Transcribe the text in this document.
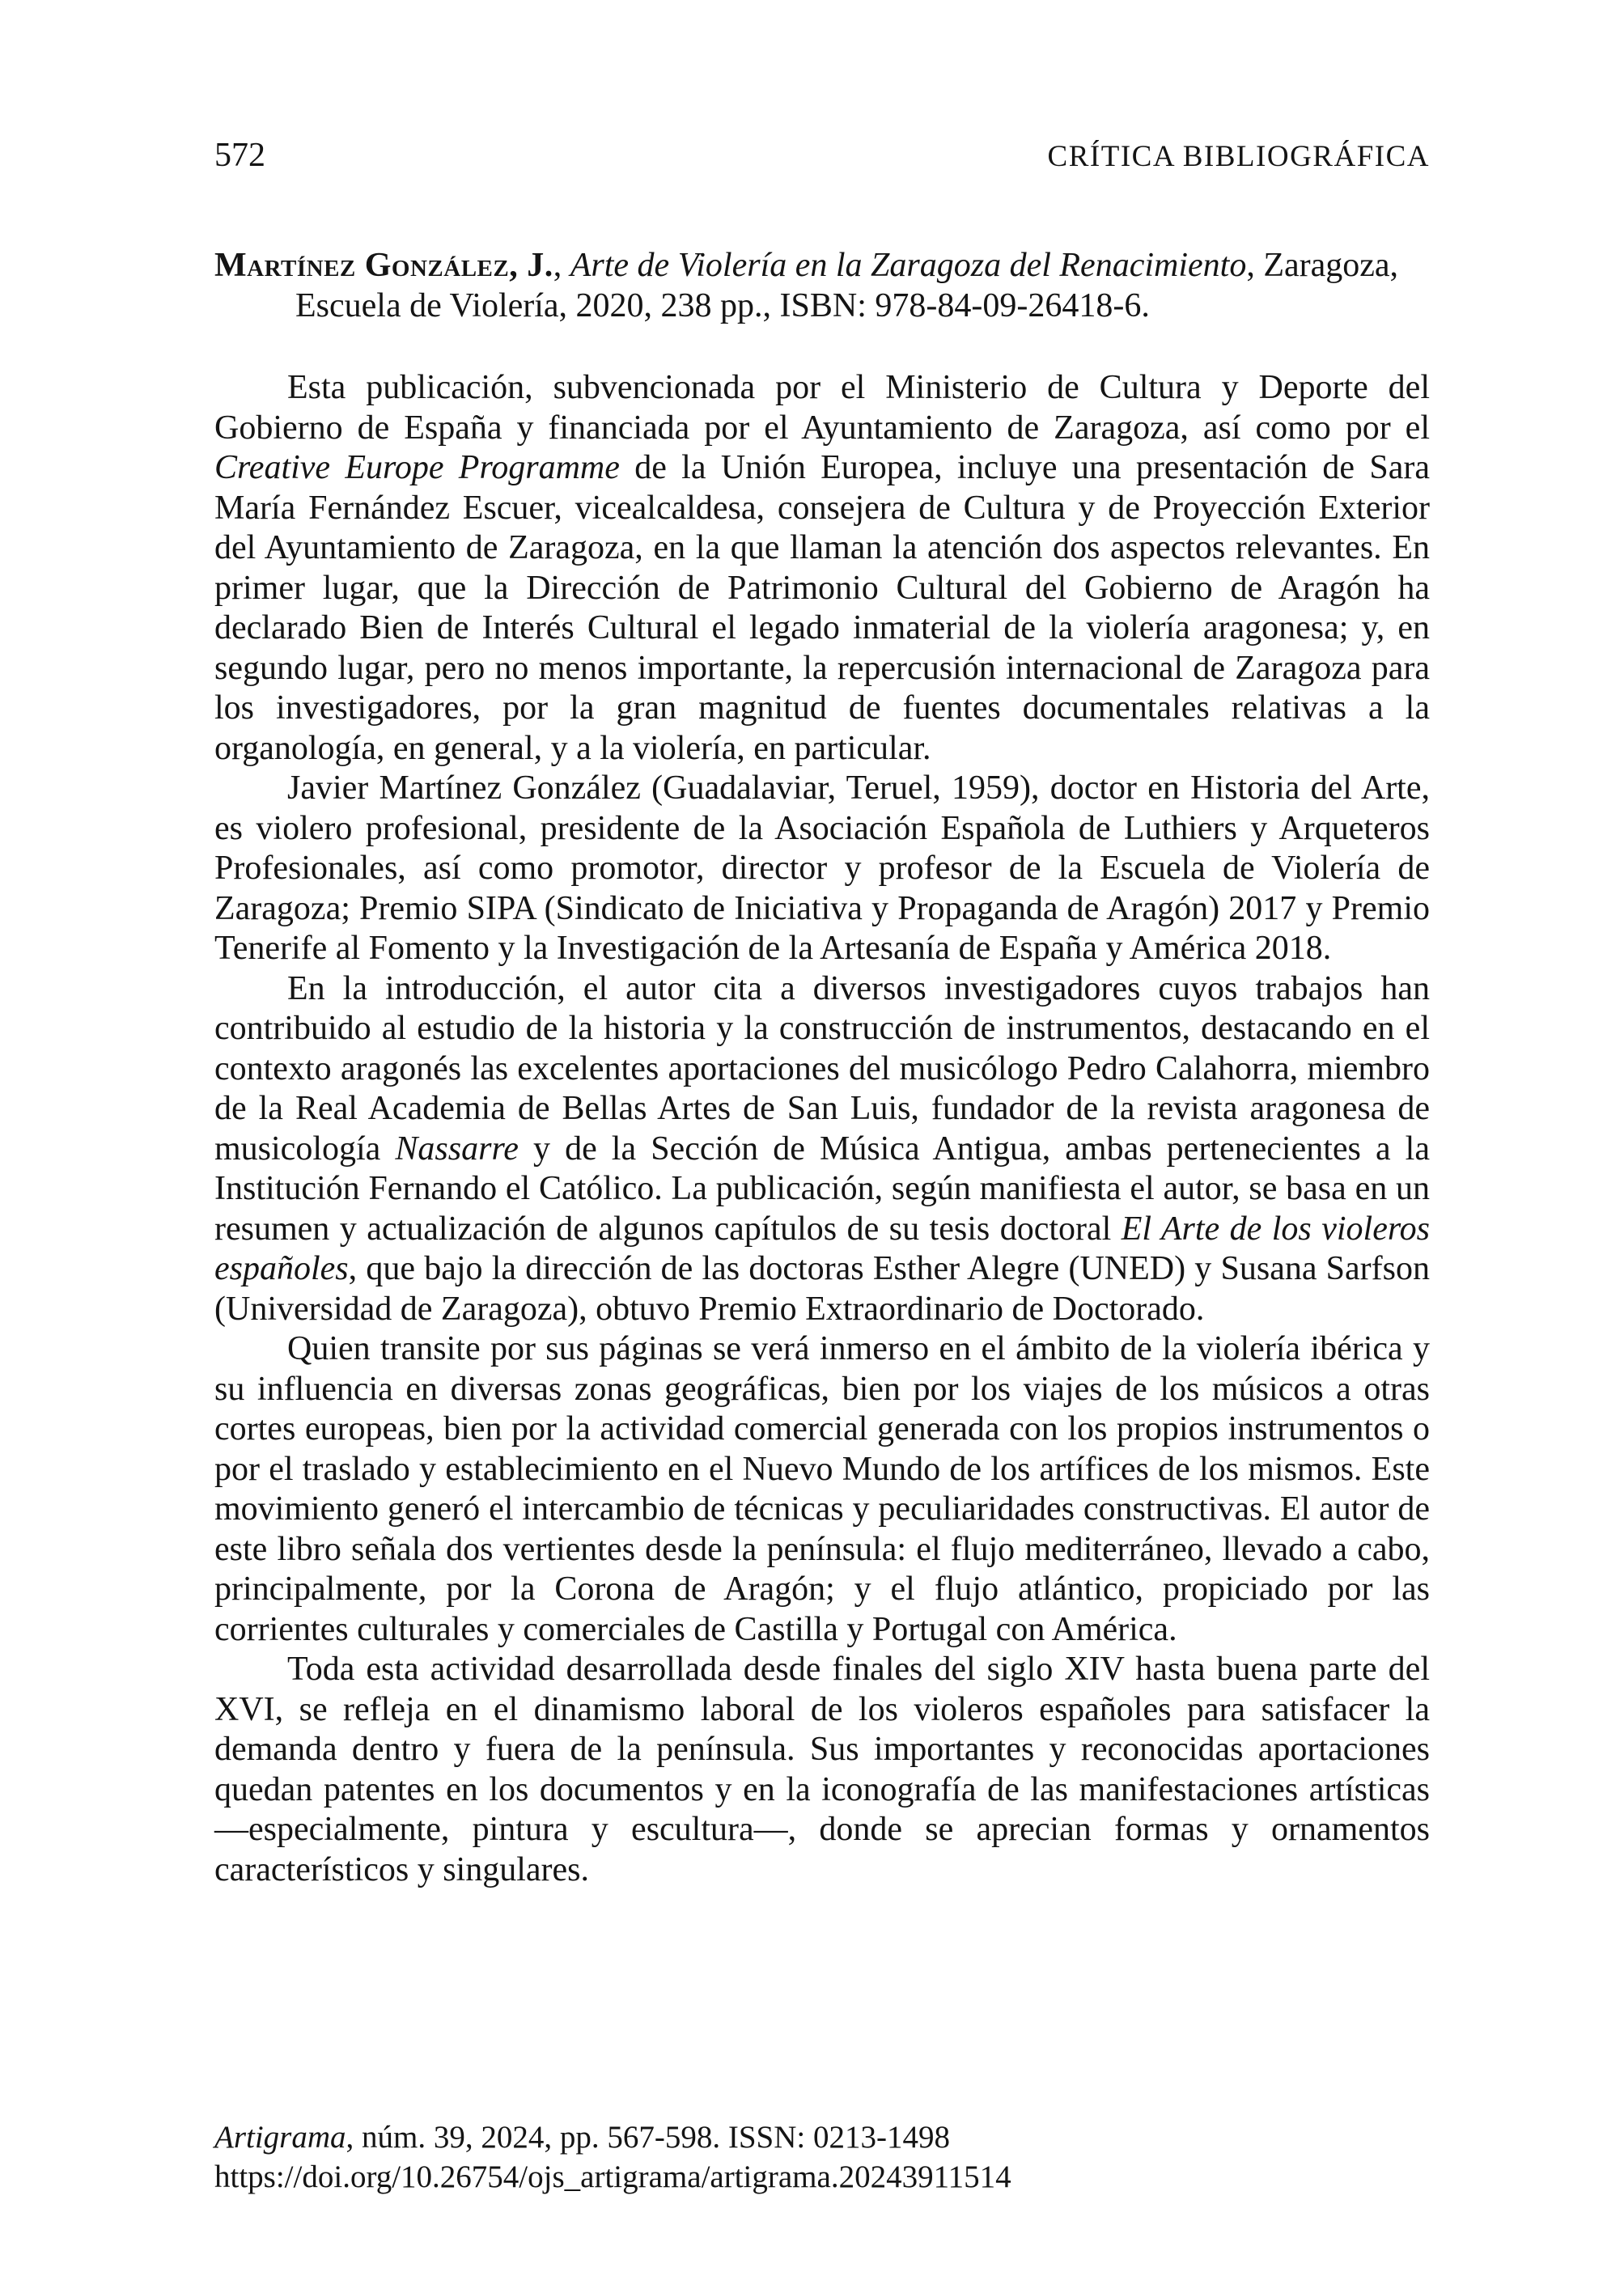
572	CRÍTICA BIBLIOGRÁFICA
Martínez González, J., Arte de Violería en la Zaragoza del Renacimiento, Zaragoza, Escuela de Violería, 2020, 238 pp., ISBN: 978-84-09-26418-6.

Esta publicación, subvencionada por el Ministerio de Cultura y Deporte del Gobierno de España y financiada por el Ayuntamiento de Zaragoza, así como por el Creative Europe Programme de la Unión Europea, incluye una presentación de Sara María Fernández Escuer, vicealcaldesa, consejera de Cultura y de Proyección Exterior del Ayuntamiento de Zaragoza, en la que llaman la atención dos aspectos relevantes. En primer lugar, que la Dirección de Patrimonio Cultural del Gobierno de Aragón ha declarado Bien de Interés Cultural el legado inmaterial de la violería aragonesa; y, en segundo lugar, pero no menos importante, la repercusión internacional de Zaragoza para los investigadores, por la gran magnitud de fuentes documentales relativas a la organología, en general, y a la violería, en particular.

Javier Martínez González (Guadalaviar, Teruel, 1959), doctor en Historia del Arte, es violero profesional, presidente de la Asociación Española de Luthiers y Arqueteros Profesionales, así como promotor, director y profesor de la Escuela de Violería de Zaragoza; Premio SIPA (Sindicato de Iniciativa y Propaganda de Aragón) 2017 y Premio Tenerife al Fomento y la Investigación de la Artesanía de España y América 2018.

En la introducción, el autor cita a diversos investigadores cuyos trabajos han contribuido al estudio de la historia y la construcción de instrumentos, destacando en el contexto aragonés las excelentes aportaciones del musicólogo Pedro Calahorra, miembro de la Real Academia de Bellas Artes de San Luis, fundador de la revista aragonesa de musicología Nassarre y de la Sección de Música Antigua, ambas pertenecientes a la Institución Fernando el Católico. La publicación, según manifiesta el autor, se basa en un resumen y actualización de algunos capítulos de su tesis doctoral El Arte de los violeros españoles, que bajo la dirección de las doctoras Esther Alegre (UNED) y Susana Sarfson (Universidad de Zaragoza), obtuvo Premio Extraordinario de Doctorado.

Quien transite por sus páginas se verá inmerso en el ámbito de la violería ibérica y su influencia en diversas zonas geográficas, bien por los viajes de los músicos a otras cortes europeas, bien por la actividad comercial generada con los propios instrumentos o por el traslado y establecimiento en el Nuevo Mundo de los artífices de los mismos. Este movimiento generó el intercambio de técnicas y peculiaridades constructivas. El autor de este libro señala dos vertientes desde la península: el flujo mediterráneo, llevado a cabo, principalmente, por la Corona de Aragón; y el flujo atlántico, propiciado por las corrientes culturales y comerciales de Castilla y Portugal con América.

Toda esta actividad desarrollada desde finales del siglo XIV hasta buena parte del XVI, se refleja en el dinamismo laboral de los violeros españoles para satisfacer la demanda dentro y fuera de la península. Sus importantes y reconocidas aportaciones quedan patentes en los documentos y en la iconografía de las manifestaciones artísticas —especialmente, pintura y escultura—, donde se aprecian formas y ornamentos característicos y singulares.

Artigrama, núm. 39, 2024, pp. 567-598. ISSN: 0213-1498
https://doi.org/10.26754/ojs_artigrama/artigrama.20243911514
